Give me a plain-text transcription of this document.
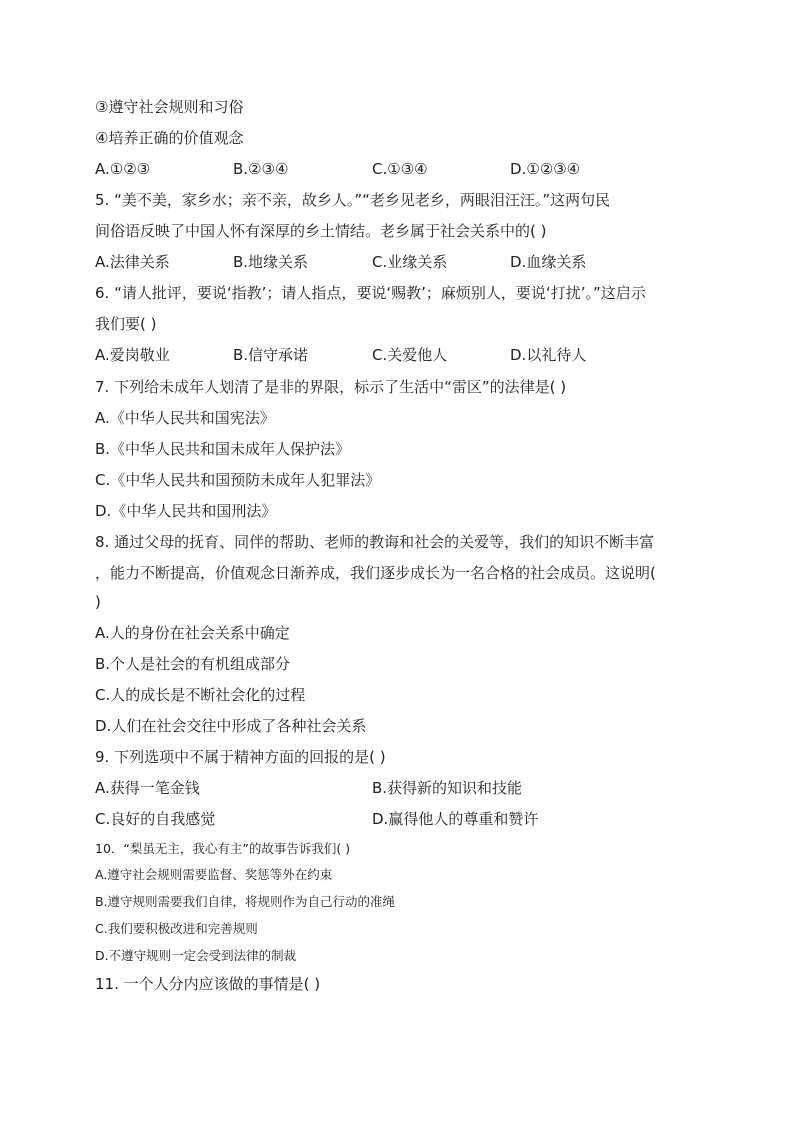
③遵守社会规则和习俗
④培养正确的价值观念
A.①②③	B.②③④	C.①③④	D.①②③④
5. “美不美，家乡水；亲不亲，故乡人。”“老乡见老乡，两眼泪汪汪。”这两句民
间俗语反映了中国人怀有深厚的乡土情结。老乡属于社会关系中的( )
A.法律关系	B.地缘关系	C.业缘关系	D.血缘关系
6. “请人批评，要说‘指教’；请人指点，要说‘赐教’；麻烦别人，要说‘打扰’。”这启示
我们要( )
A.爱岗敬业	B.信守承诺	C.关爱他人	D.以礼待人
7. 下列给未成年人划清了是非的界限，标示了生活中“雷区”的法律是( )
A.《中华人民共和国宪法》
B.《中华人民共和国未成年人保护法》
C.《中华人民共和国预防未成年人犯罪法》
D.《中华人民共和国刑法》
8. 通过父母的抚育、同伴的帮助、老师的教诲和社会的关爱等，我们的知识不断丰富
，能力不断提高，价值观念日渐养成，我们逐步成长为一名合格的社会成员。这说明(
)
A.人的身份在社会关系中确定
B.个人是社会的有机组成部分
C.人的成长是不断社会化的过程
D.人们在社会交往中形成了各种社会关系
9. 下列选项中不属于精神方面的回报的是( )
A.获得一笔金钱	B.获得新的知识和技能
C.良好的自我感觉	D.赢得他人的尊重和赞许
10．“梨虽无主，我心有主”的故事告诉我们( )
A.遵守社会规则需要监督、奖惩等外在约束
B.遵守规则需要我们自律，将规则作为自己行动的准绳
C.我们要积极改进和完善规则
D.不遵守规则一定会受到法律的制裁
11. 一个人分内应该做的事情是( )
